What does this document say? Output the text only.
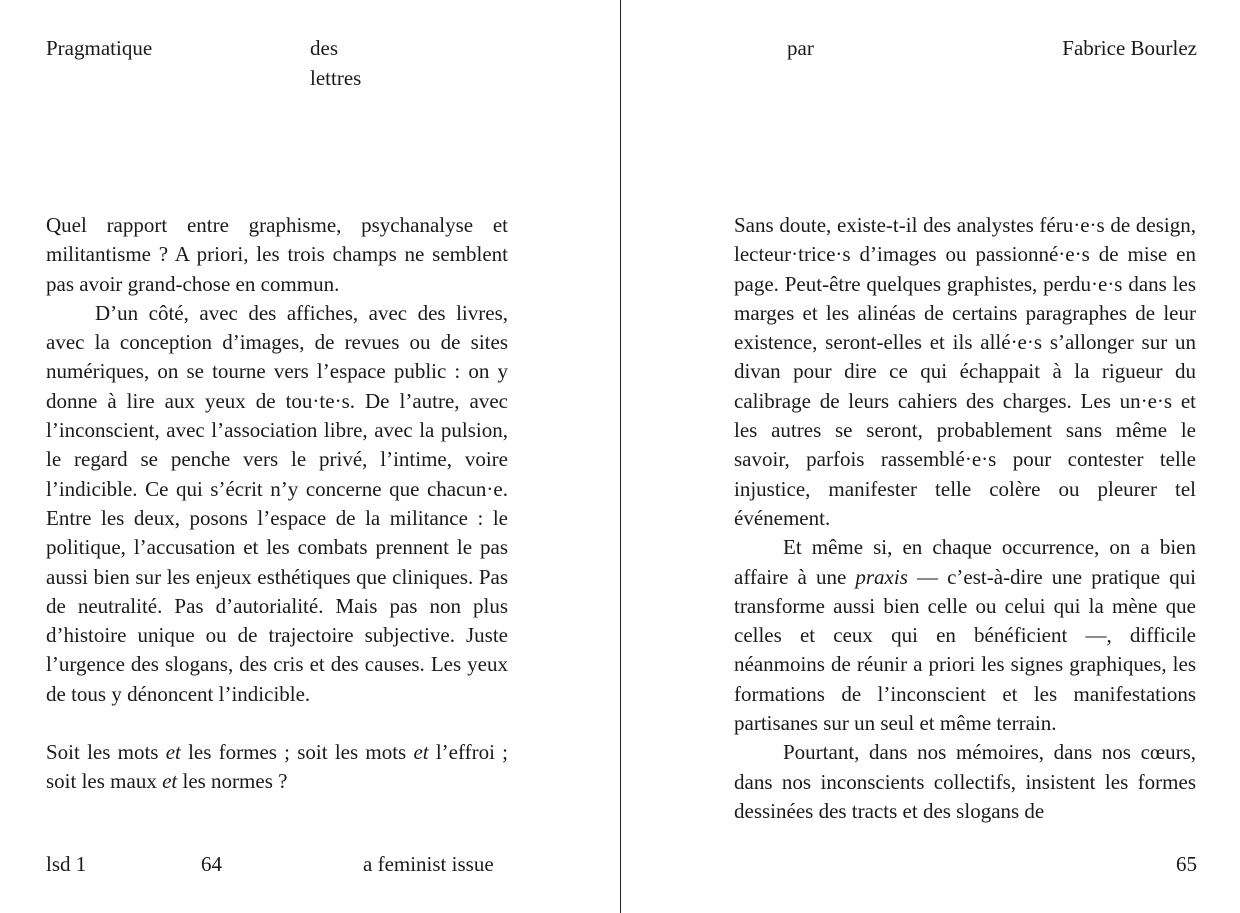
Pragmatique	des
lettres

Quel rapport entre graphisme, psychanalyse et militantisme ? A priori, les trois champs ne semblent pas avoir grand-chose en commun.

D’un côté, avec des affiches, avec des livres, avec la conception d’images, de revues ou de sites numériques, on se tourne vers l’espace public : on y donne à lire aux yeux de tou·te·s. De l’autre, avec l’inconscient, avec l’association libre, avec la pulsion, le regard se penche vers le privé, l’intime, voire l’indicible. Ce qui s’écrit n’y concerne que chacun·e. Entre les deux, posons l’espace de la militance : le politique, l’accusation et les combats prennent le pas aussi bien sur les enjeux esthétiques que cliniques. Pas de neutralité. Pas d’autorialité. Mais pas non plus d’histoire unique ou de trajectoire subjective. Juste l’urgence des slogans, des cris et des causes. Les yeux de tous y dénoncent l’indicible.

Soit les mots et les formes ; soit les mots et l’effroi ; soit les maux et les normes ?

lsd 1	64	a feminist issue
par	Fabrice Bourlez

Sans doute, existe-t-il des analystes féru·e·s de design, lecteur·trice·s d’images ou passionné·e·s de mise en page. Peut-être quelques graphistes, perdu·e·s dans les marges et les alinéas de certains paragraphes de leur existence, seront-elles et ils allé·e·s s’allonger sur un divan pour dire ce qui échappait à la rigueur du calibrage de leurs cahiers des charges. Les un·e·s et les autres se seront, probablement sans même le savoir, parfois rassemblé·e·s pour contester telle injustice, manifester telle colère ou pleurer tel événement.

Et même si, en chaque occurrence, on a bien affaire à une praxis — c’est-à-dire une pratique qui transforme aussi bien celle ou celui qui la mène que celles et ceux qui en bénéficient —, difficile néanmoins de réunir a priori les signes graphiques, les formations de l’inconscient et les manifestations partisanes sur un seul et même terrain.

Pourtant, dans nos mémoires, dans nos cœurs, dans nos inconscients collectifs, insistent les formes dessinées des tracts et des slogans de

65
